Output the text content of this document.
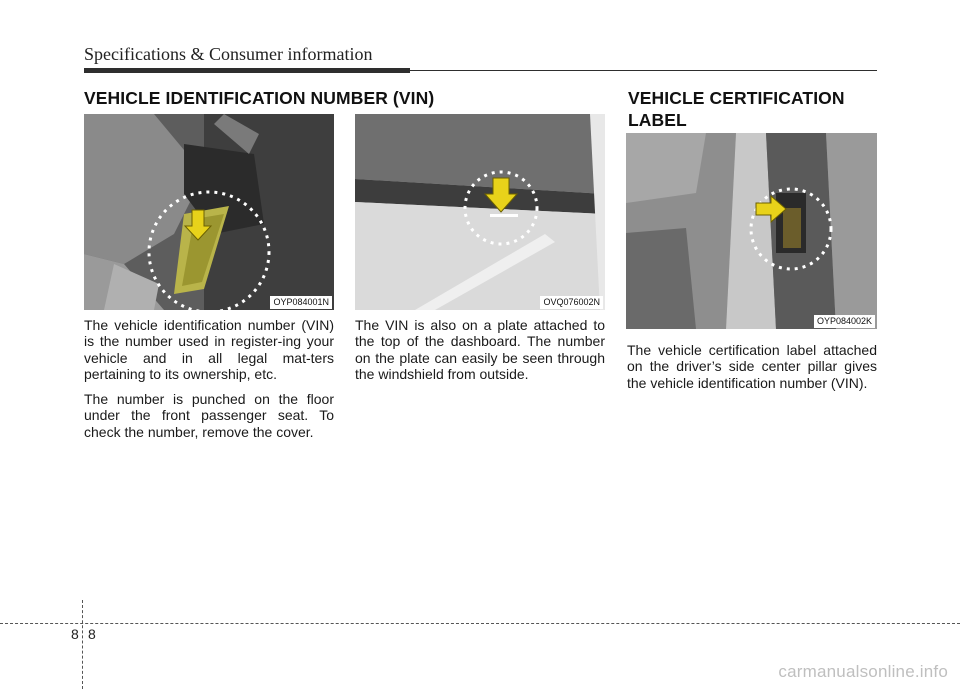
Specifications & Consumer information
VEHICLE IDENTIFICATION NUMBER (VIN)
OYP084001N	OVQ076002N

The vehicle identification number (VIN) is the number used in register-ing your vehicle and in all legal mat-ters pertaining to its ownership, etc.

The number is punched on the floor under the front passenger seat. To check the number, remove the cover.

The VIN is also on a plate attached to the top of the dashboard. The number on the plate can easily be seen through the windshield from outside.

VEHICLE CERTIFICATION LABEL
OYP084002K

The vehicle certification label attached on the driver’s side center pillar gives the vehicle identification number (VIN).

8 8
carmanualsonline.info
